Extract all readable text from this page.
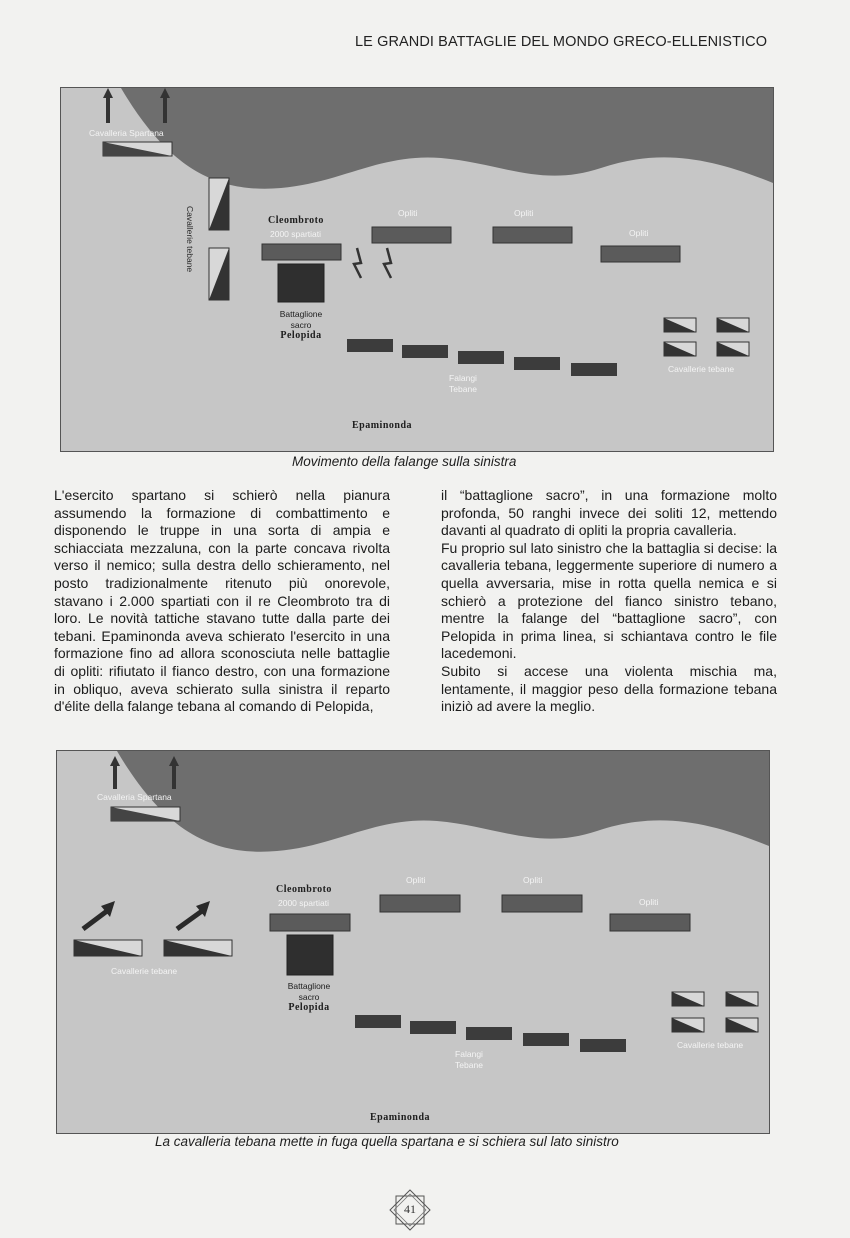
LE GRANDI BATTAGLIE DEL MONDO GRECO-ELLENISTICO
Cavalleria Spartana
Cavallerie tebane	Cleombroto
2000 spartiati
Opliti	Opliti
Opliti
Battaglione
sacro
Pelopida
Falangi
Tebane
Cavallerie tebane
Epaminonda
Movimento della falange sulla sinistra

L'esercito spartano si schierò nella pianura assumendo la formazione di combattimento e disponendo le truppe in una sorta di ampia e schiacciata mezzaluna, con la parte concava rivolta verso il nemico; sulla destra dello schieramento, nel posto tradizionalmente ritenuto più onorevole, stavano i 2.000 spartiati con il re Cleombroto tra di loro. Le novità tattiche stavano tutte dalla parte dei tebani. Epaminonda aveva schierato l'esercito in una formazione fino ad allora sconosciuta nelle battaglie di opliti: rifiutato il fianco destro, con una formazione in obliquo, aveva schierato sulla sinistra il reparto d'élite della falange tebana al comando di Pelopida,

il “battaglione sacro”, in una formazione molto profonda, 50 ranghi invece dei soliti 12, mettendo davanti al quadrato di opliti la propria cavalleria.

Fu proprio sul lato sinistro che la battaglia si decise: la cavalleria tebana, leggermente superiore di numero a quella avversaria, mise in rotta quella nemica e si schierò a protezione del fianco sinistro tebano, mentre la falange del “battaglione sacro”, con Pelopida in prima linea, si schiantava contro le file lacedemoni.

Subito si accese una violenta mischia ma, lentamente, il maggior peso della formazione tebana iniziò ad avere la meglio.

Cavalleria Spartana
Cleombroto
2000 spartiati
Opliti	Opliti
Opliti
Cavallerie tebane
Battaglione
sacro
Pelopida
Falangi
Tebane
Cavallerie tebane
Epaminonda
La cavalleria tebana mette in fuga quella spartana e si schiera sul lato sinistro
41
